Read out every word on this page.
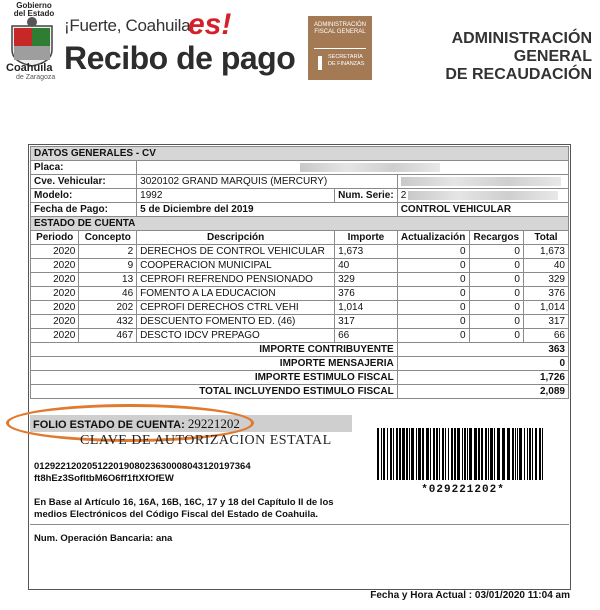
Gobierno
del Estado
Coahuila
de Zaragoza
¡Fuerte, Coahuila
es!
Recibo de pago
ADMINISTRACIÓN FISCAL GENERAL
SECRETARÍA DE FINANZAS
ADMINISTRACIÓN GENERAL
DE RECAUDACIÓN
DATOS GENERALES - CV						
Placa:						
Cve. Vehicular:		3020102 GRAND MARQUIS (MERCURY)				
Modelo:		1992	Num. Serie:	2		
Fecha de Pago:		5 de Diciembre del 2019		CONTROL VEHICULAR		
ESTADO DE CUENTA						
Periodo	Concepto	Descripción	Importe	Actualización	Recargos	Total
2020	2	DERECHOS DE CONTROL VEHICULAR	1,673	0	0	1,673
2020	9	COOPERACION MUNICIPAL	40	0	0	40
2020	13	CEPROFI REFRENDO PENSIONADO	329	0	0	329
2020	46	FOMENTO A LA EDUCACION	376	0	0	376
2020	202	CEPROFI DERECHOS CTRL VEHI	1,014	0	0	1,014
2020	432	DESCUENTO FOMENTO ED. (46)	317	0	0	317
2020	467	DESCTO IDCV PREPAGO	66	0	0	66
IMPORTE CONTRIBUYENTE				363		
IMPORTE MENSAJERIA				0		
IMPORTE ESTIMULO FISCAL				1,726		
TOTAL INCLUYENDO ESTIMULO FISCAL				2,089		
FOLIO ESTADO DE CUENTA: 29221202
CLAVE DE AUTORIZACION ESTATAL
01292212020512201908023630008043120197364
ft8hEz3SofltbM6O6ff1ftXfOfEW
En Base al Artículo 16, 16A, 16B, 16C, 17 y 18 del Capítulo II de los medios Electrónicos del Código Fiscal del Estado de Coahuila.
Num. Operación Bancaria: ana
*029221202*
Fecha y Hora Actual : 03/01/2020 11:04 am
